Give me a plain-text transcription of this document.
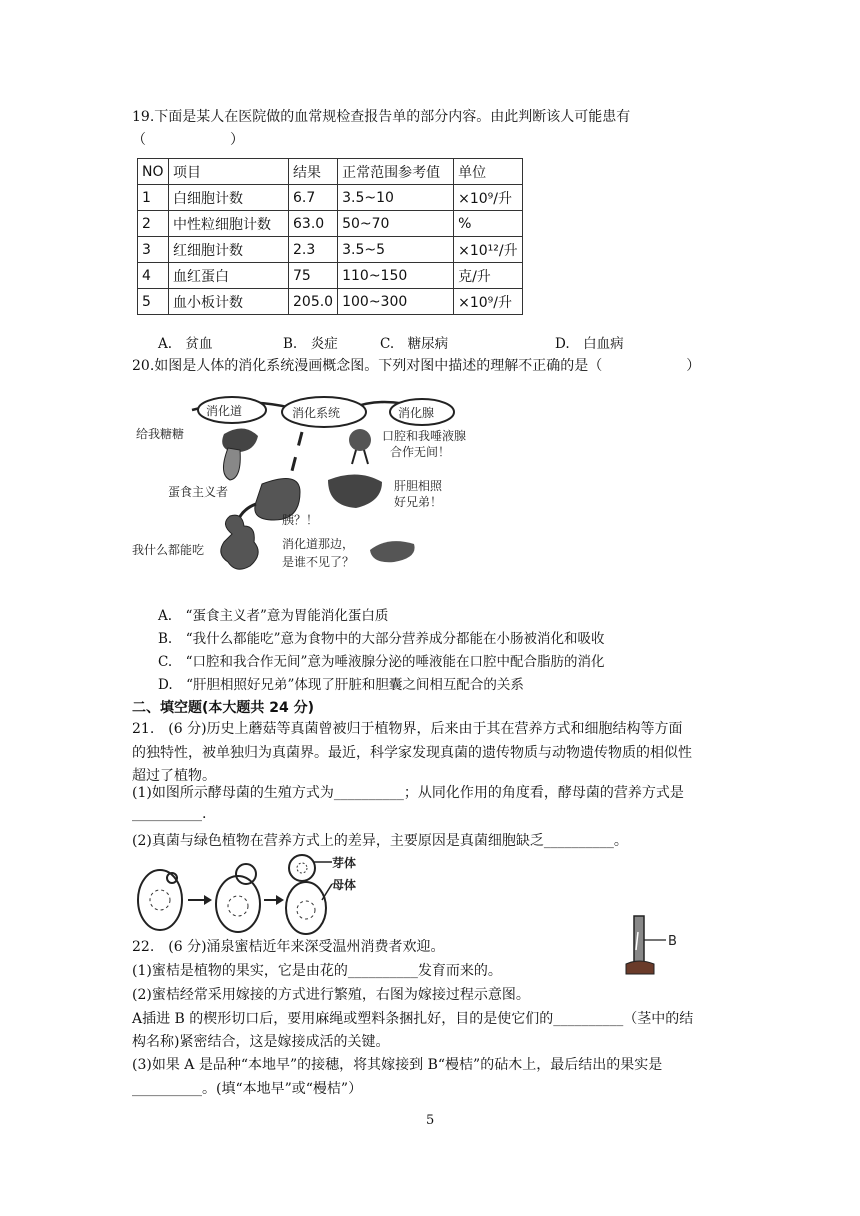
19.下面是某人在医院做的血常规检查报告单的部分内容。由此判断该人可能患有
（　　　　　　）
NO	项目	结果	正常范围参考值	单位
1	白细胞计数	6.7	3.5~10	×10⁹/升
2	中性粒细胞计数	63.0	50~70	%
3	红细胞计数	2.3	3.5~5	×10¹²/升
4	血红蛋白	75	110~150	克/升
5	血小板计数	205.0	100~300	×10⁹/升
A.　贫血	B.　炎症	C.　糖尿病	D.　白血病
20.如图是人体的消化系统漫画概念图。下列对图中描述的理解不正确的是（　　　　　　）
消化道	消化系统	消化腺
给我糖糖	口腔和我唾液腺
合作无间！
蛋食主义者	肝胆相照
好兄弟！
我什么都能吃
胰？！
消化道那边，
是谁不见了？
A.　“蛋食主义者”意为胃能消化蛋白质
B.　“我什么都能吃”意为食物中的大部分营养成分都能在小肠被消化和吸收
C.　“口腔和我合作无间”意为唾液腺分泌的唾液能在口腔中配合脂肪的消化
D.　“肝胆相照好兄弟”体现了肝脏和胆囊之间相互配合的关系
二、填空题(本大题共 24 分)
21.　(6 分)历史上蘑菇等真菌曾被归于植物界，后来由于其在营养方式和细胞结构等方面
的独特性，被单独归为真菌界。最近，科学家发现真菌的遗传物质与动物遗传物质的相似性
超过了植物。
(1)如图所示酵母菌的生殖方式为__________；从同化作用的角度看，酵母菌的营养方式是
__________.
(2)真菌与绿色植物在营养方式上的差异，主要原因是真菌细胞缺乏__________。
芽体
母体
22.　(6 分)涌泉蜜桔近年来深受温州消费者欢迎。
(1)蜜桔是植物的果实，它是由花的__________发育而来的。
(2)蜜桔经常采用嫁接的方式进行繁殖，右图为嫁接过程示意图。
A插进 B 的楔形切口后，要用麻绳或塑料条捆扎好，目的是使它们的__________（茎中的结
构名称)紧密结合，这是嫁接成活的关键。
(3)如果 A 是品种“本地早”的接穗，将其嫁接到 B“槾桔”的砧木上，最后结出的果实是
__________。(填“本地早”或“槾桔”）
B
5
